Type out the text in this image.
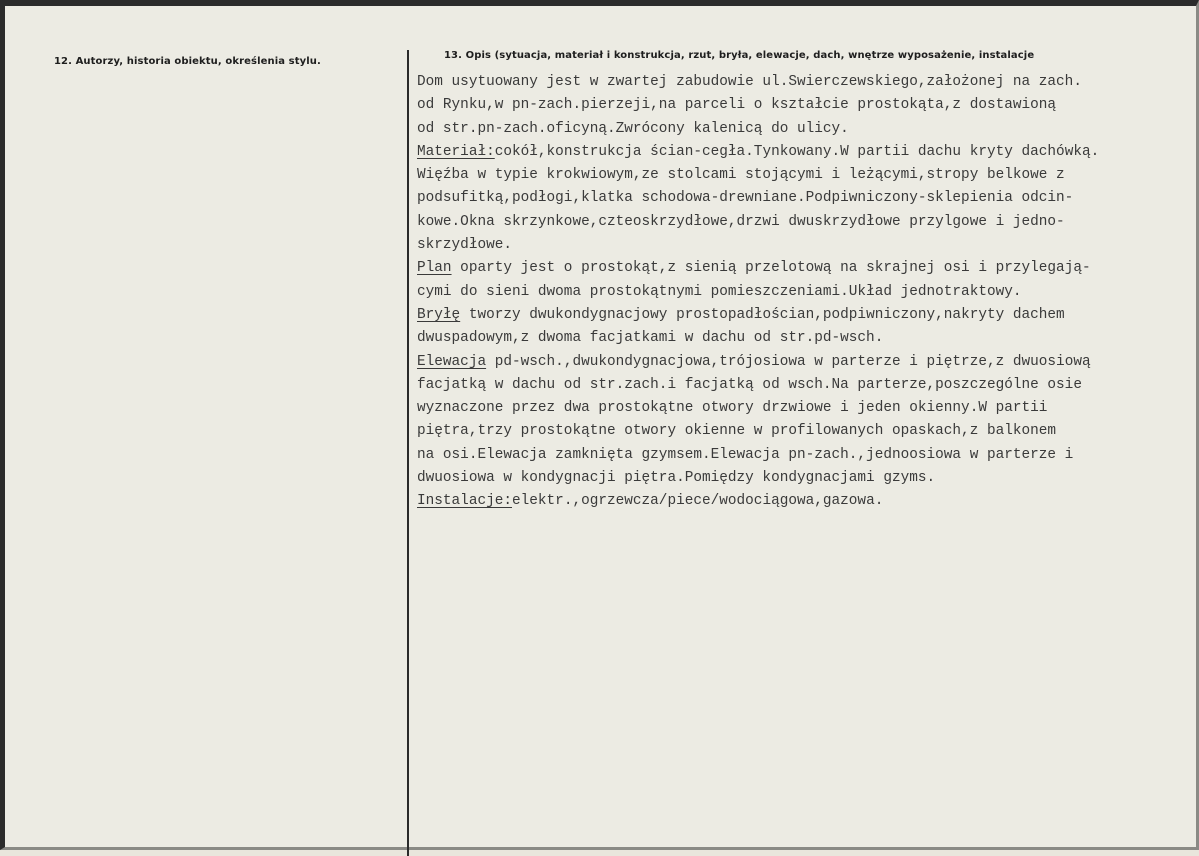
12. Autorzy, historia obiektu, określenia stylu.
13. Opis (sytuacja, materiał i konstrukcja, rzut, bryła, elewacje, dach, wnętrze wyposażenie, instalacje
Dom usytuowany jest w zwartej zabudowie ul.Swierczewskiego,założonej na zach.
od Rynku,w pn-zach.pierzeji,na parceli o kształcie prostokąta,z dostawioną
od str.pn-zach.oficyną.Zwrócony kalenicą do ulicy.
Materiał:cokół,konstrukcja ścian-cegła.Tynkowany.W partii dachu kryty dachówką.
Więźba w typie krokwiowym,ze stolcami stojącymi i leżącymi,stropy belkowe z
podsufitką,podłogi,klatka schodowa-drewniane.Podpiwniczony-sklepienia odcin-
kowe.Okna skrzynkowe,czteoskrzydłowe,drzwi dwuskrzydłowe przylgowe i jedno-
skrzydłowe.
Plan oparty jest o prostokąt,z sienią przelotową na skrajnej osi i przylegają-
cymi do sieni dwoma prostokątnymi pomieszczeniami.Układ jednotraktowy.
Bryłę tworzy dwukondygnacjowy prostopadłościan,podpiwniczony,nakryty dachem
dwuspadowym,z dwoma facjatkami w dachu od str.pd-wsch.
Elewacja pd-wsch.,dwukondygnacjowa,trójosiowa w parterze i piętrze,z dwuosiową
facjatką w dachu od str.zach.i facjatką od wsch.Na parterze,poszczególne osie
wyznaczone przez dwa prostokątne otwory drzwiowe i jeden okienny.W partii
piętra,trzy prostokątne otwory okienne w profilowanych opaskach,z balkonem
na osi.Elewacja zamknięta gzymsem.Elewacja pn-zach.,jednoosiowa w parterze i
dwuosiowa w kondygnacji piętra.Pomiędzy kondygnacjami gzyms.
Instalacje:elektr.,ogrzewcza/piece/wodociągowa,gazowa.
